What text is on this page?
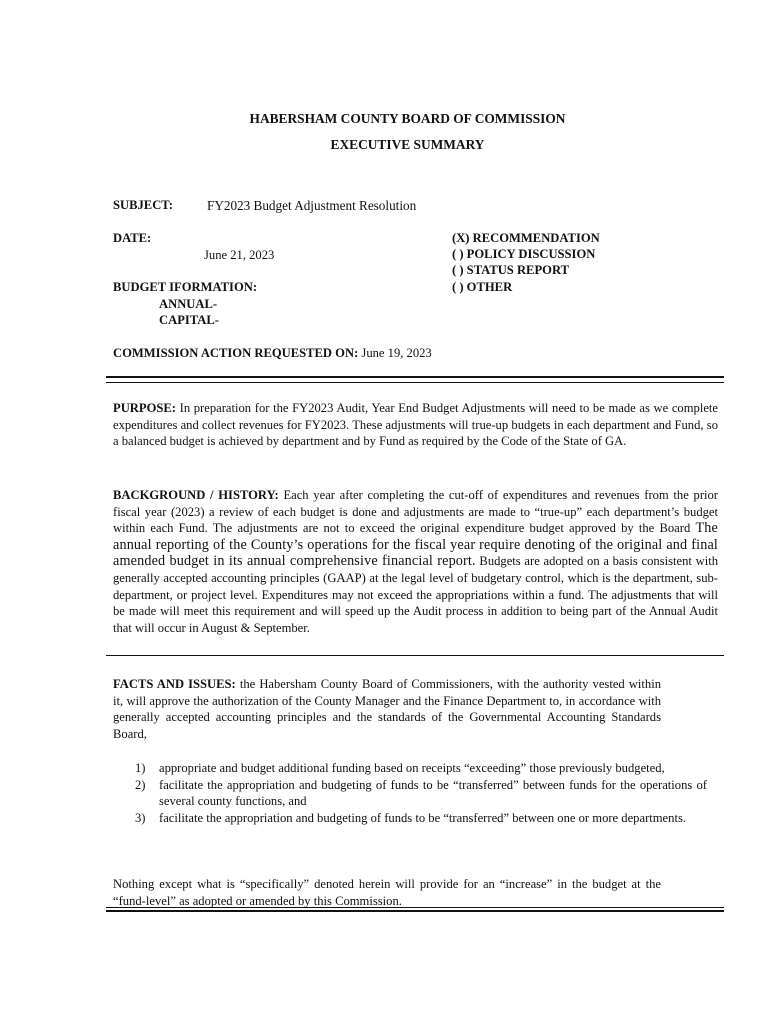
HABERSHAM COUNTY BOARD OF COMMISSION
EXECUTIVE SUMMARY
SUBJECT:	FY2023 Budget Adjustment Resolution
DATE:
June 21, 2023
(X) RECOMMENDATION
( ) POLICY DISCUSSION
( ) STATUS REPORT
( ) OTHER
BUDGET IFORMATION:
ANNUAL-
CAPITAL-
COMMISSION ACTION REQUESTED ON: June 19, 2023
PURPOSE: In preparation for the FY2023 Audit, Year End Budget Adjustments will need to be made as we complete expenditures and collect revenues for FY2023. These adjustments will true-up budgets in each department and Fund, so a balanced budget is achieved by department and by Fund as required by the Code of the State of GA.
BACKGROUND / HISTORY: Each year after completing the cut-off of expenditures and revenues from the prior fiscal year (2023) a review of each budget is done and adjustments are made to “true-up” each department’s budget within each Fund. The adjustments are not to exceed the original expenditure budget approved by the Board The annual reporting of the County’s operations for the fiscal year require denoting of the original and final amended budget in its annual comprehensive financial report. Budgets are adopted on a basis consistent with generally accepted accounting principles (GAAP) at the legal level of budgetary control, which is the department, sub-department, or project level. Expenditures may not exceed the appropriations within a fund. The adjustments that will be made will meet this requirement and will speed up the Audit process in addition to being part of the Annual Audit that will occur in August & September.
FACTS AND ISSUES: the Habersham County Board of Commissioners, with the authority vested within it, will approve the authorization of the County Manager and the Finance Department to, in accordance with generally accepted accounting principles and the standards of the Governmental Accounting Standards Board,
1) appropriate and budget additional funding based on receipts “exceeding” those previously budgeted,
2) facilitate the appropriation and budgeting of funds to be “transferred” between funds for the operations of several county functions, and
3) facilitate the appropriation and budgeting of funds to be “transferred” between one or more departments.
Nothing except what is “specifically” denoted herein will provide for an “increase” in the budget at the “fund-level” as adopted or amended by this Commission.
